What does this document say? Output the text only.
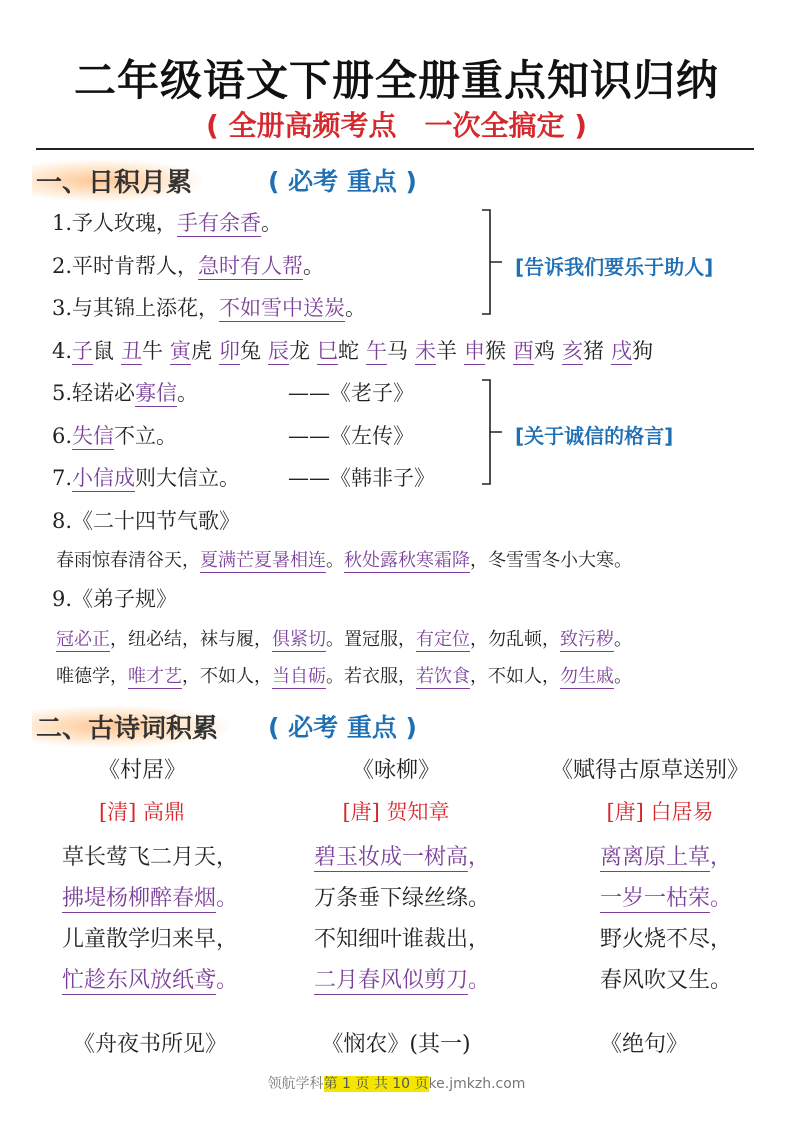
二年级语文下册全册重点知识归纳
( 全册高频考点　一次全搞定 )
一、日积月累	( 必考 重点 )
1.予人玫瑰，手有余香。
2.平时肯帮人，急时有人帮。
3.与其锦上添花，不如雪中送炭。
[告诉我们要乐于助人]
4.子鼠 丑牛 寅虎 卯兔 辰龙 巳蛇 午马 未羊 申猴 酉鸡 亥猪 戌狗
5.轻诺必寡信。	——《老子》
6.失信不立。	——《左传》
7.小信成则大信立。 ——《韩非子》
[关于诚信的格言]
8.《二十四节气歌》
春雨惊春清谷天，夏满芒夏暑相连。秋处露秋寒霜降，冬雪雪冬小大寒。
9.《弟子规》
冠必正，纽必结，袜与履，俱紧切。置冠服，有定位，勿乱顿，致污秽。
唯德学，唯才艺，不如人，当自砺。若衣服，若饮食，不如人，勿生戚。
二、古诗词积累	( 必考 重点 )
《村居》
[清] 高鼎
草长莺飞二月天，
拂堤杨柳醉春烟。
儿童散学归来早，
忙趁东风放纸鸢。
《咏柳》
[唐] 贺知章
碧玉妆成一树高，
万条垂下绿丝绦。
不知细叶谁裁出，
二月春风似剪刀。
《赋得古原草送别》
[唐] 白居易
离离原上草，
一岁一枯荣。
野火烧不尽，
春风吹又生。
《舟夜书所见》	《悯农》(其一)	《绝句》
领航学科第 1 页 共 10 页ke.jmkzh.com
